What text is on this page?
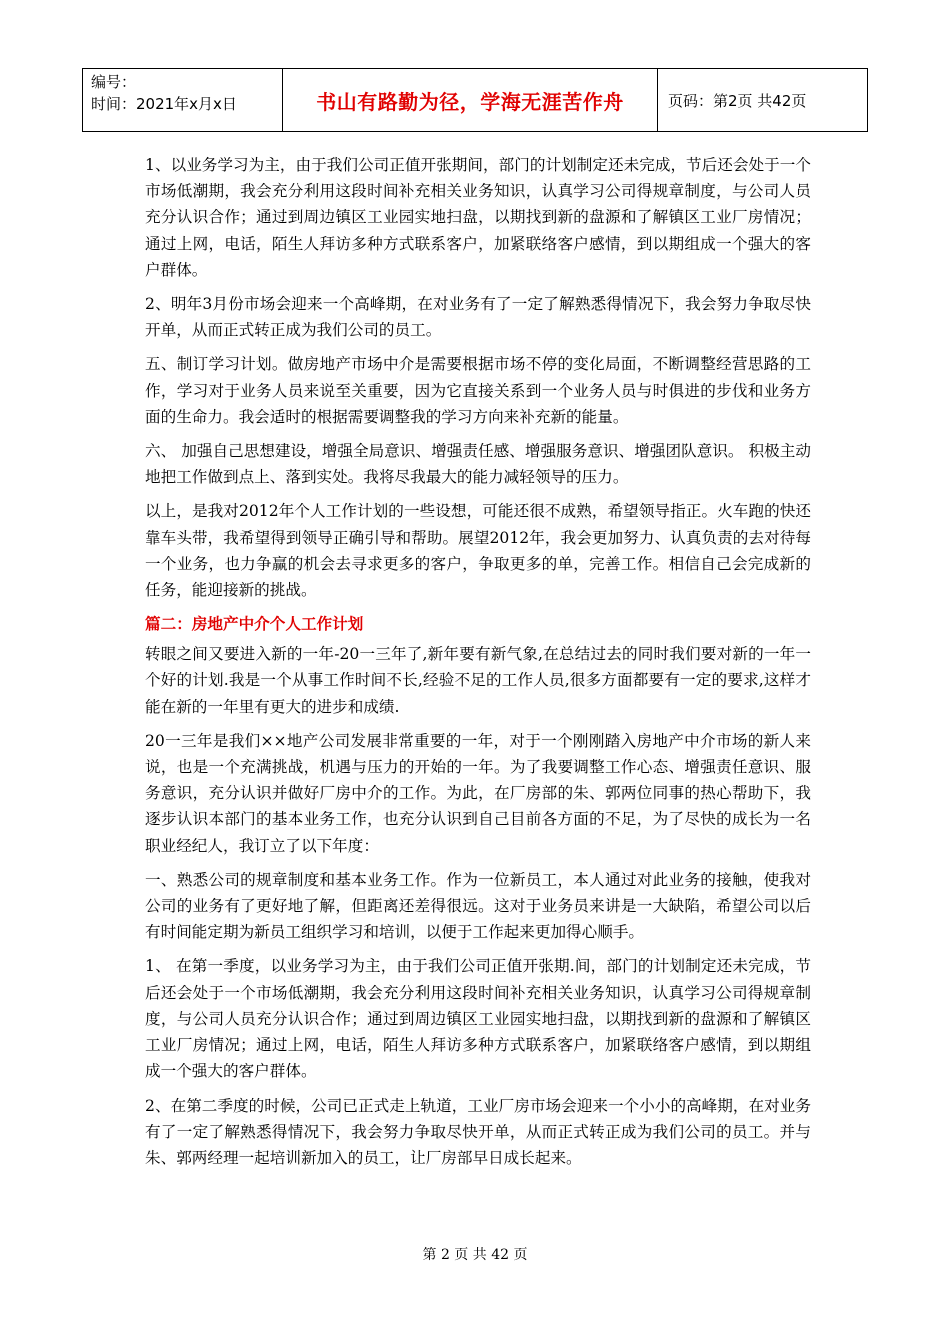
编号：
时间：2021年x月x日	书山有路勤为径，学海无涯苦作舟	页码：第2页 共42页

1、以业务学习为主，由于我们公司正值开张期间，部门的计划制定还未完成，节后还会处于一个市场低潮期，我会充分利用这段时间补充相关业务知识，认真学习公司得规章制度，与公司人员充分认识合作；通过到周边镇区工业园实地扫盘，以期找到新的盘源和了解镇区工业厂房情况；通过上网，电话，陌生人拜访多种方式联系客户，加紧联络客户感情，到以期组成一个强大的客户群体。

2、明年3月份市场会迎来一个高峰期，在对业务有了一定了解熟悉得情况下，我会努力争取尽快开单，从而正式转正成为我们公司的员工。

五、制订学习计划。做房地产市场中介是需要根据市场不停的变化局面，不断调整经营思路的工作，学习对于业务人员来说至关重要，因为它直接关系到一个业务人员与时俱进的步伐和业务方面的生命力。我会适时的根据需要调整我的学习方向来补充新的能量。

六、 加强自己思想建设，增强全局意识、增强责任感、增强服务意识、增强团队意识。 积极主动地把工作做到点上、落到实处。我将尽我最大的能力减轻领导的压力。

以上，是我对2012年个人工作计划的一些设想，可能还很不成熟，希望领导指正。火车跑的快还靠车头带，我希望得到领导正确引导和帮助。展望2012年，我会更加努力、认真负责的去对待每一个业务，也力争赢的机会去寻求更多的客户，争取更多的单，完善工作。相信自己会完成新的任务，能迎接新的挑战。

篇二：房地产中介个人工作计划

转眼之间又要进入新的一年-20一三年了,新年要有新气象,在总结过去的同时我们要对新的一年一个好的计划.我是一个从事工作时间不长,经验不足的工作人员,很多方面都要有一定的要求,这样才能在新的一年里有更大的进步和成绩.

20一三年是我们××地产公司发展非常重要的一年，对于一个刚刚踏入房地产中介市场的新人来说，也是一个充满挑战，机遇与压力的开始的一年。为了我要调整工作心态、增强责任意识、服务意识，充分认识并做好厂房中介的工作。为此，在厂房部的朱、郭两位同事的热心帮助下，我逐步认识本部门的基本业务工作，也充分认识到自己目前各方面的不足，为了尽快的成长为一名职业经纪人，我订立了以下年度：

一、熟悉公司的规章制度和基本业务工作。作为一位新员工，本人通过对此业务的接触，使我对公司的业务有了更好地了解，但距离还差得很远。这对于业务员来讲是一大缺陷，希望公司以后有时间能定期为新员工组织学习和培训，以便于工作起来更加得心顺手。

1、 在第一季度，以业务学习为主，由于我们公司正值开张期.间，部门的计划制定还未完成，节后还会处于一个市场低潮期，我会充分利用这段时间补充相关业务知识，认真学习公司得规章制度，与公司人员充分认识合作；通过到周边镇区工业园实地扫盘，以期找到新的盘源和了解镇区工业厂房情况；通过上网，电话，陌生人拜访多种方式联系客户，加紧联络客户感情，到以期组成一个强大的客户群体。

2、在第二季度的时候，公司已正式走上轨道，工业厂房市场会迎来一个小小的高峰期，在对业务有了一定了解熟悉得情况下，我会努力争取尽快开单，从而正式转正成为我们公司的员工。并与朱、郭两经理一起培训新加入的员工，让厂房部早日成长起来。

第 2 页 共 42 页
